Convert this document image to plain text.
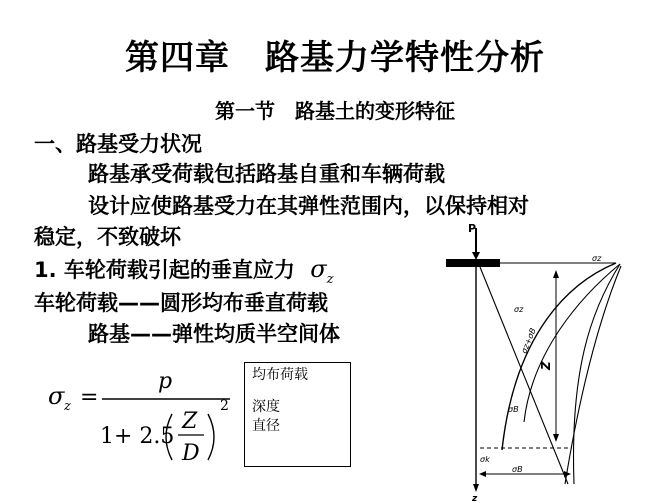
第四章　路基力学特性分析
第一节　路基土的变形特征
一、路基受力状况
路基承受荷载包括路基自重和车辆荷载
设计应使路基受力在其弹性范围内，以保持相对
稳定，不致破坏
1. 车轮荷载引起的垂直应力 $\sigma_z$
车轮荷载——圆形均布垂直荷载
路基——弹性均质半空间体
σ z =
p
1+ 2.5
Z
D
2
均布荷载
深度
直径
P
σz
z
σz
σz+σB
σB
Z
σk
σB
